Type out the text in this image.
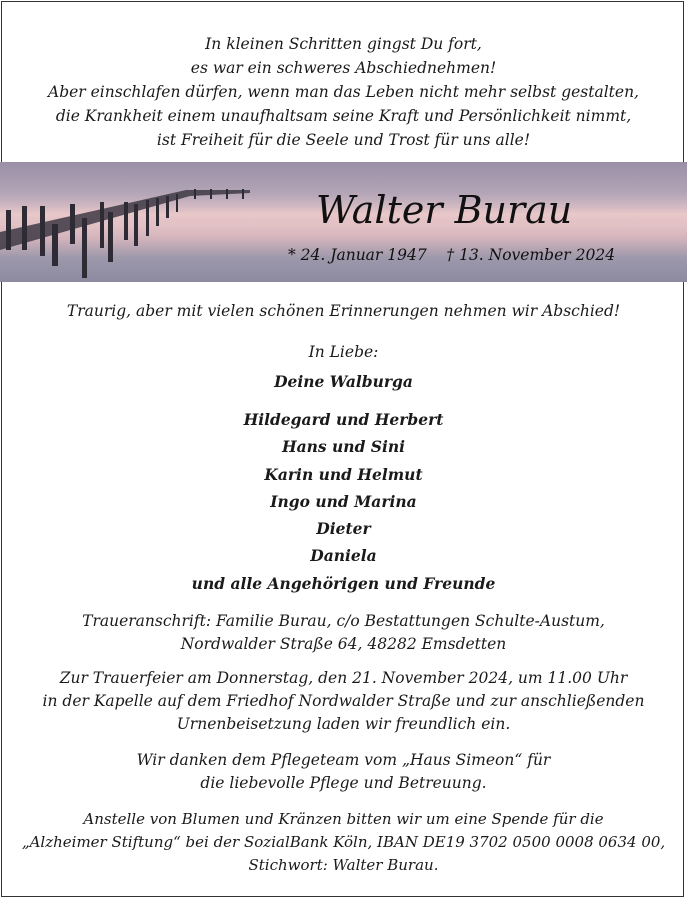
In kleinen Schritten gingst Du fort,
es war ein schweres Abschiednehmen!
Aber einschlafen dürfen, wenn man das Leben nicht mehr selbst gestalten,
die Krankheit einem unaufhaltsam seine Kraft und Persönlichkeit nimmt,
ist Freiheit für die Seele und Trost für uns alle!
Walter Burau
* 24. Januar 1947    † 13. November 2024
Traurig, aber mit vielen schönen Erinnerungen nehmen wir Abschied!
In Liebe:
Deine Walburga
Hildegard und Herbert
Hans und Sini
Karin und Helmut
Ingo und Marina
Dieter
Daniela
und alle Angehörigen und Freunde
Traueranschrift: Familie Burau, c/o Bestattungen Schulte-Austum,
Nordwalder Straße 64, 48282 Emsdetten
Zur Trauerfeier am Donnerstag, den 21. November 2024, um 11.00 Uhr
in der Kapelle auf dem Friedhof Nordwalder Straße und zur anschließenden
Urnenbeisetzung laden wir freundlich ein.
Wir danken dem Pflegeteam vom „Haus Simeon“ für
die liebevolle Pflege und Betreuung.
Anstelle von Blumen und Kränzen bitten wir um eine Spende für die
„Alzheimer Stiftung“ bei der SozialBank Köln, IBAN DE19 3702 0500 0008 0634 00,
Stichwort: Walter Burau.
